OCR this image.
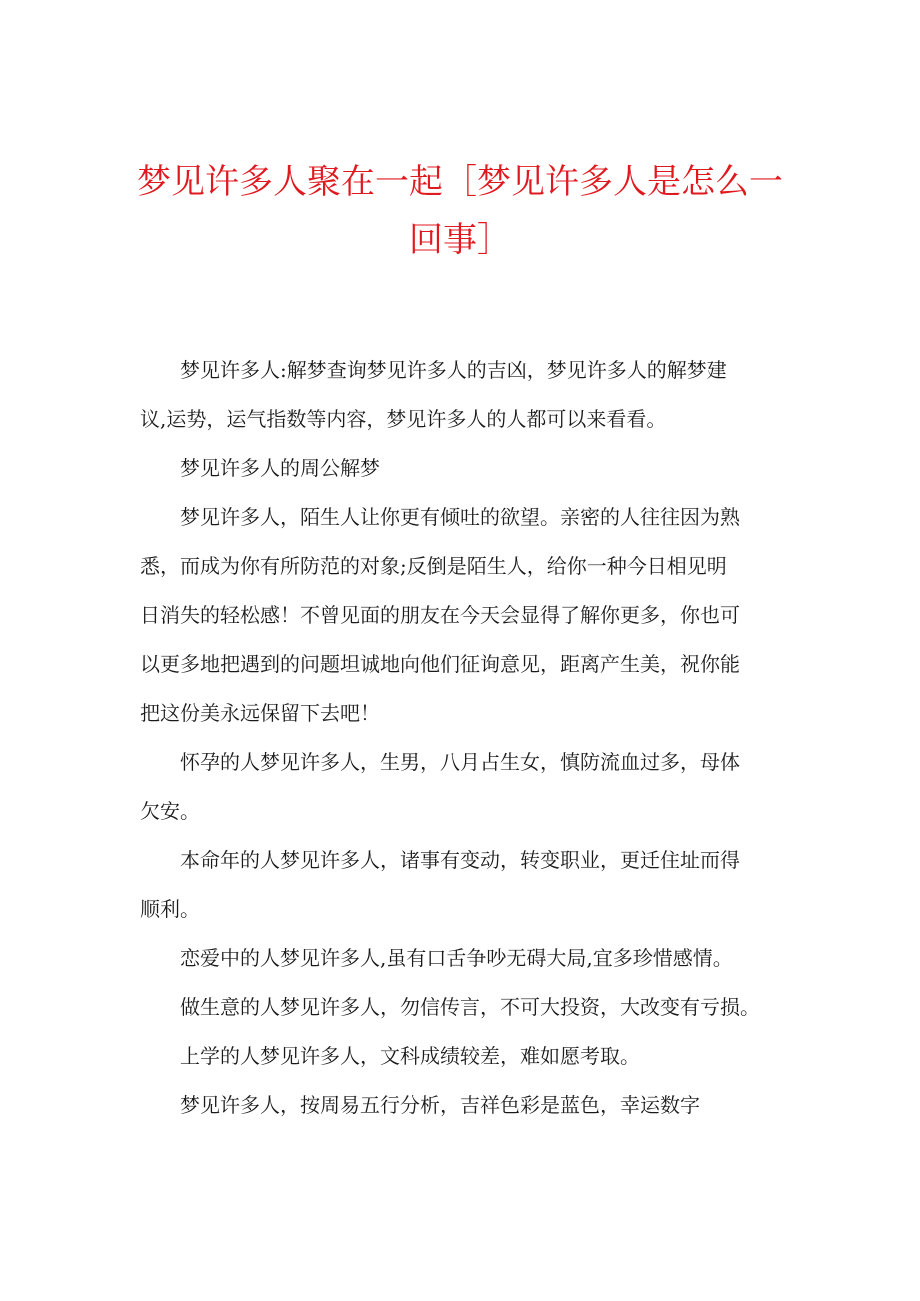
梦见许多人聚在一起［梦见许多人是怎么一
回事］
　　梦见许多人:解梦查询梦见许多人的吉凶，梦见许多人的解梦建
议,运势，运气指数等内容，梦见许多人的人都可以来看看。
　　梦见许多人的周公解梦
　　梦见许多人，陌生人让你更有倾吐的欲望。亲密的人往往因为熟
悉，而成为你有所防范的对象;反倒是陌生人，给你一种今日相见明
日消失的轻松感！不曾见面的朋友在今天会显得了解你更多，你也可
以更多地把遇到的问题坦诚地向他们征询意见，距离产生美，祝你能
把这份美永远保留下去吧！
　　怀孕的人梦见许多人，生男，八月占生女，慎防流血过多，母体
欠安。
　　本命年的人梦见许多人，诸事有变动，转变职业，更迁住址而得
顺利。
　　恋爱中的人梦见许多人,虽有口舌争吵无碍大局,宜多珍惜感情。
　　做生意的人梦见许多人，勿信传言，不可大投资，大改变有亏损。
　　上学的人梦见许多人，文科成绩较差，难如愿考取。
　　梦见许多人，按周易五行分析，吉祥色彩是蓝色，幸运数字
